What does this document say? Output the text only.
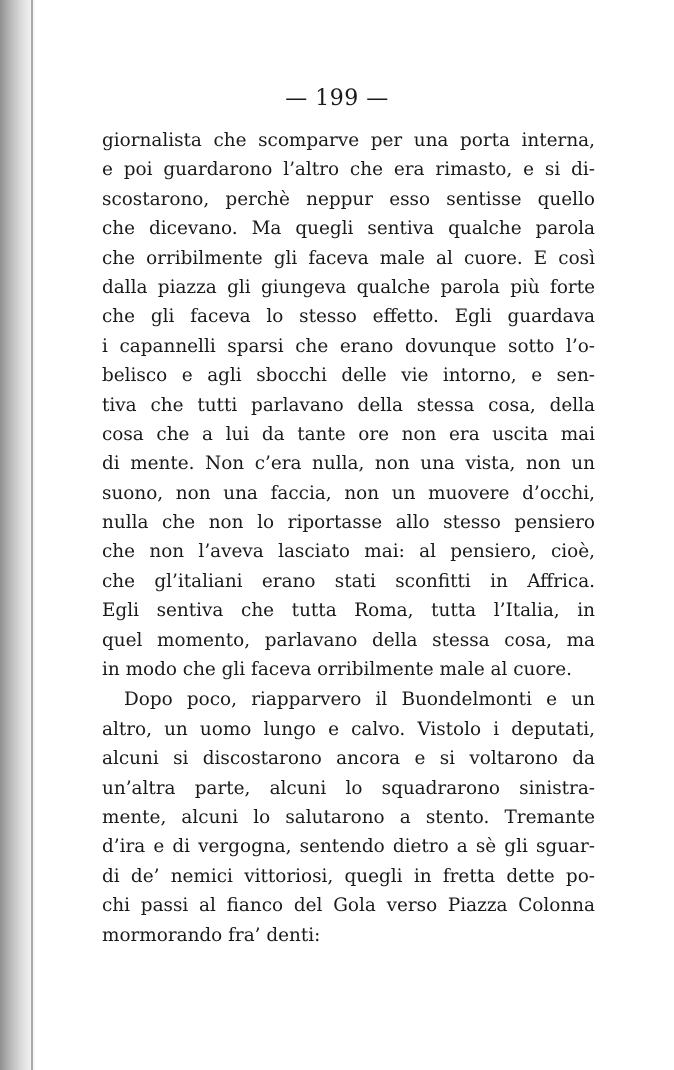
— 199 —

giornalista che scomparve per una porta interna,
e poi guardarono l’altro che era rimasto, e si di-
scostarono, perchè neppur esso sentisse quello
che dicevano. Ma quegli sentiva qualche parola
che orribilmente gli faceva male al cuore. E così
dalla piazza gli giungeva qualche parola più forte
che gli faceva lo stesso effetto. Egli guardava
i capannelli sparsi che erano dovunque sotto l’o-
belisco e agli sbocchi delle vie intorno, e sen-
tiva che tutti parlavano della stessa cosa, della
cosa che a lui da tante ore non era uscita mai
di mente. Non c’era nulla, non una vista, non un
suono, non una faccia, non un muovere d’occhi,
nulla che non lo riportasse allo stesso pensiero
che non l’aveva lasciato mai: al pensiero, cioè,
che gl’italiani erano stati sconfitti in Affrica.
Egli sentiva che tutta Roma, tutta l’Italia, in
quel momento, parlavano della stessa cosa, ma
in modo che gli faceva orribilmente male al cuore.

Dopo poco, riapparvero il Buondelmonti e un
altro, un uomo lungo e calvo. Vistolo i deputati,
alcuni si discostarono ancora e si voltarono da
un’altra parte, alcuni lo squadrarono sinistra-
mente, alcuni lo salutarono a stento. Tremante
d’ira e di vergogna, sentendo dietro a sè gli sguar-
di de’ nemici vittoriosi, quegli in fretta dette po-
chi passi al fianco del Gola verso Piazza Colonna
mormorando fra’ denti:
